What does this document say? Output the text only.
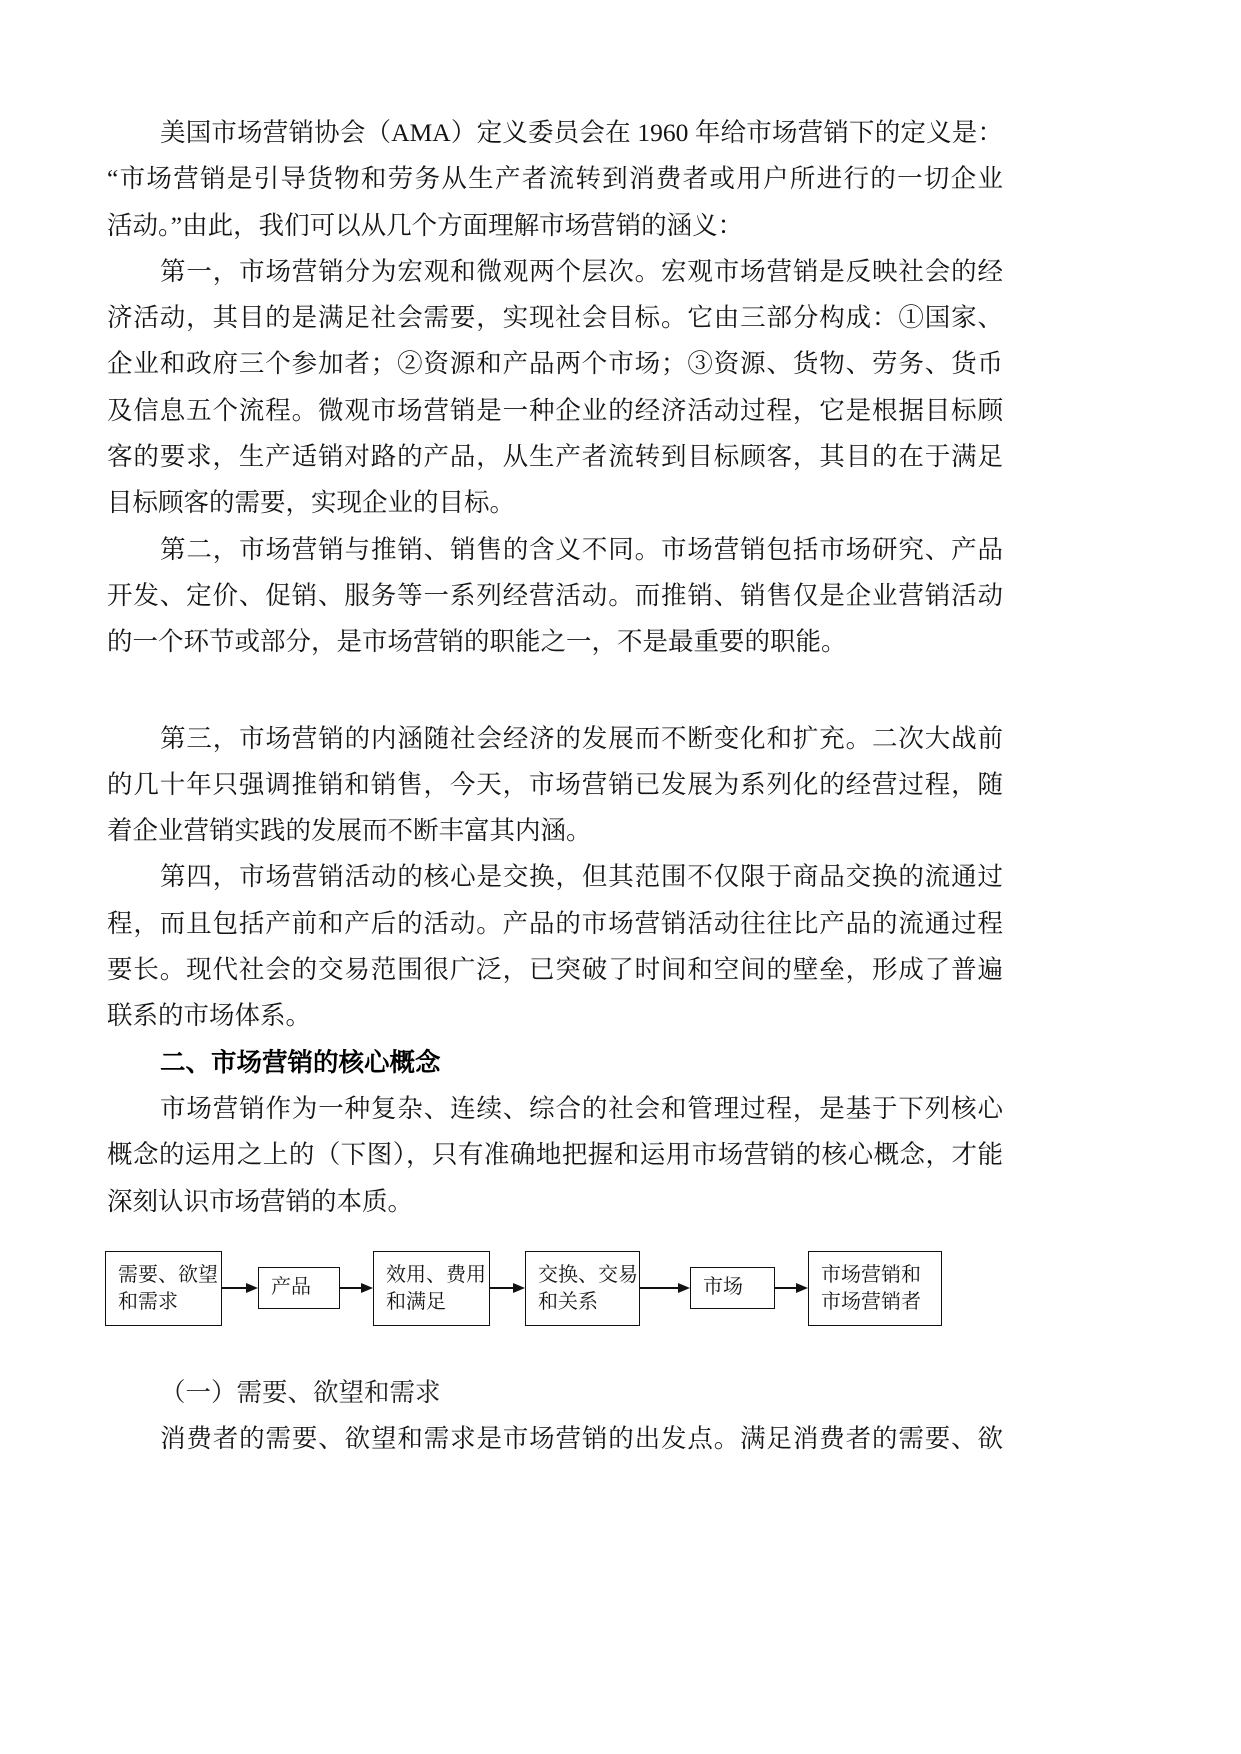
美国市场营销协会（AMA）定义委员会在 1960 年给市场营销下的定义是：
“市场营销是引导货物和劳务从生产者流转到消费者或用户所进行的一切企业
活动。”由此，我们可以从几个方面理解市场营销的涵义：
第一，市场营销分为宏观和微观两个层次。宏观市场营销是反映社会的经
济活动，其目的是满足社会需要，实现社会目标。它由三部分构成：①国家、
企业和政府三个参加者；②资源和产品两个市场；③资源、货物、劳务、货币
及信息五个流程。微观市场营销是一种企业的经济活动过程，它是根据目标顾
客的要求，生产适销对路的产品，从生产者流转到目标顾客，其目的在于满足
目标顾客的需要，实现企业的目标。
第二，市场营销与推销、销售的含义不同。市场营销包括市场研究、产品
开发、定价、促销、服务等一系列经营活动。而推销、销售仅是企业营销活动
的一个环节或部分，是市场营销的职能之一，不是最重要的职能。
第三，市场营销的内涵随社会经济的发展而不断变化和扩充。二次大战前
的几十年只强调推销和销售，今天，市场营销已发展为系列化的经营过程，随
着企业营销实践的发展而不断丰富其内涵。
第四，市场营销活动的核心是交换，但其范围不仅限于商品交换的流通过
程，而且包括产前和产后的活动。产品的市场营销活动往往比产品的流通过程
要长。现代社会的交易范围很广泛，已突破了时间和空间的壁垒，形成了普遍
联系的市场体系。
二、市场营销的核心概念
市场营销作为一种复杂、连续、综合的社会和管理过程，是基于下列核心
概念的运用之上的（下图），只有准确地把握和运用市场营销的核心概念，才能
深刻认识市场营销的本质。
需要、欲望
和需求
产品
效用、费用
和满足
交换、交易
和关系
市场
市场营销和
市场营销者
（一）需要、欲望和需求
消费者的需要、欲望和需求是市场营销的出发点。满足消费者的需要、欲
